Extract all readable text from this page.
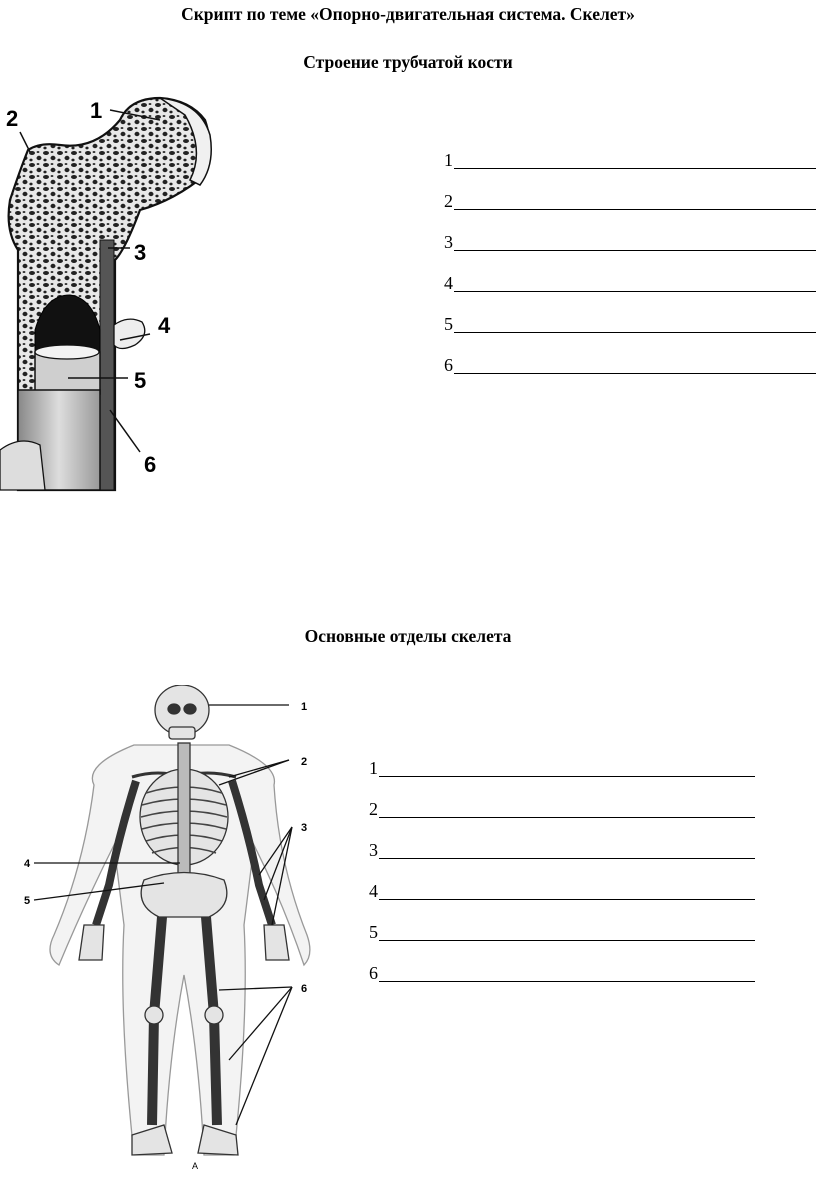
Скрипт по теме «Опорно-двигательная система. Скелет»
Строение трубчатой кости
1
2
3
4
5
6
1
2
3
4
5
6
Основные отделы скелета
1
2
3
4
5
6
A
1
2
3
4
5
6
